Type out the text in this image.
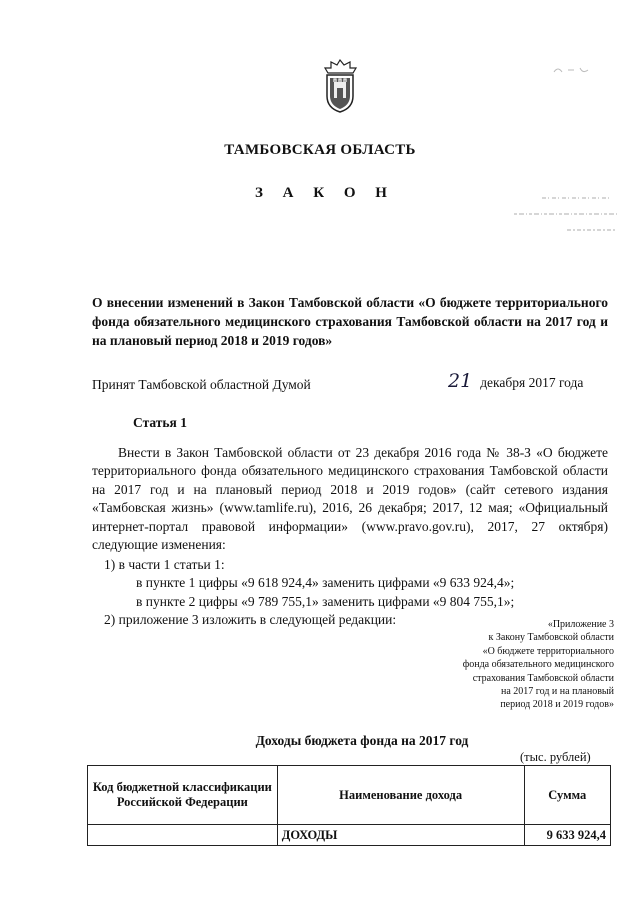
ТАМБОВСКАЯ ОБЛАСТЬ
З А К О Н
О внесении изменений в Закон Тамбовской области «О бюджете территориального фонда обязательного медицинского страхования Тамбовской области на 2017 год и на плановый период 2018 и 2019 годов»
Принят Тамбовской областной Думой	21 декабря 2017 года
Статья 1
Внести в Закон Тамбовской области от 23 декабря 2016 года № 38-З «О бюджете территориального фонда обязательного медицинского страхования Тамбовской области на 2017 год и на плановый период 2018 и 2019 годов» (сайт сетевого издания «Тамбовская жизнь» (www.tamlife.ru), 2016, 26 декабря; 2017, 12 мая; «Официальный интернет-портал правовой информации» (www.pravo.gov.ru), 2017, 27 октября) следующие изменения:
1) в части 1 статьи 1:
в пункте 1 цифры «9 618 924,4» заменить цифрами «9 633 924,4»;
в пункте 2 цифры «9 789 755,1» заменить цифрами «9 804 755,1»;
2) приложение 3 изложить в следующей редакции:	«Приложение 3
к Закону Тамбовской области
«О бюджете территориального
фонда обязательного медицинского
страхования Тамбовской области
на 2017 год и на плановый
период 2018 и 2019 годов»
Доходы бюджета фонда на 2017 год
(тыс. рублей)
Код бюджетной классификации Российской Федерации	Наименование дохода	Сумма
	ДОХОДЫ	9 633 924,4
